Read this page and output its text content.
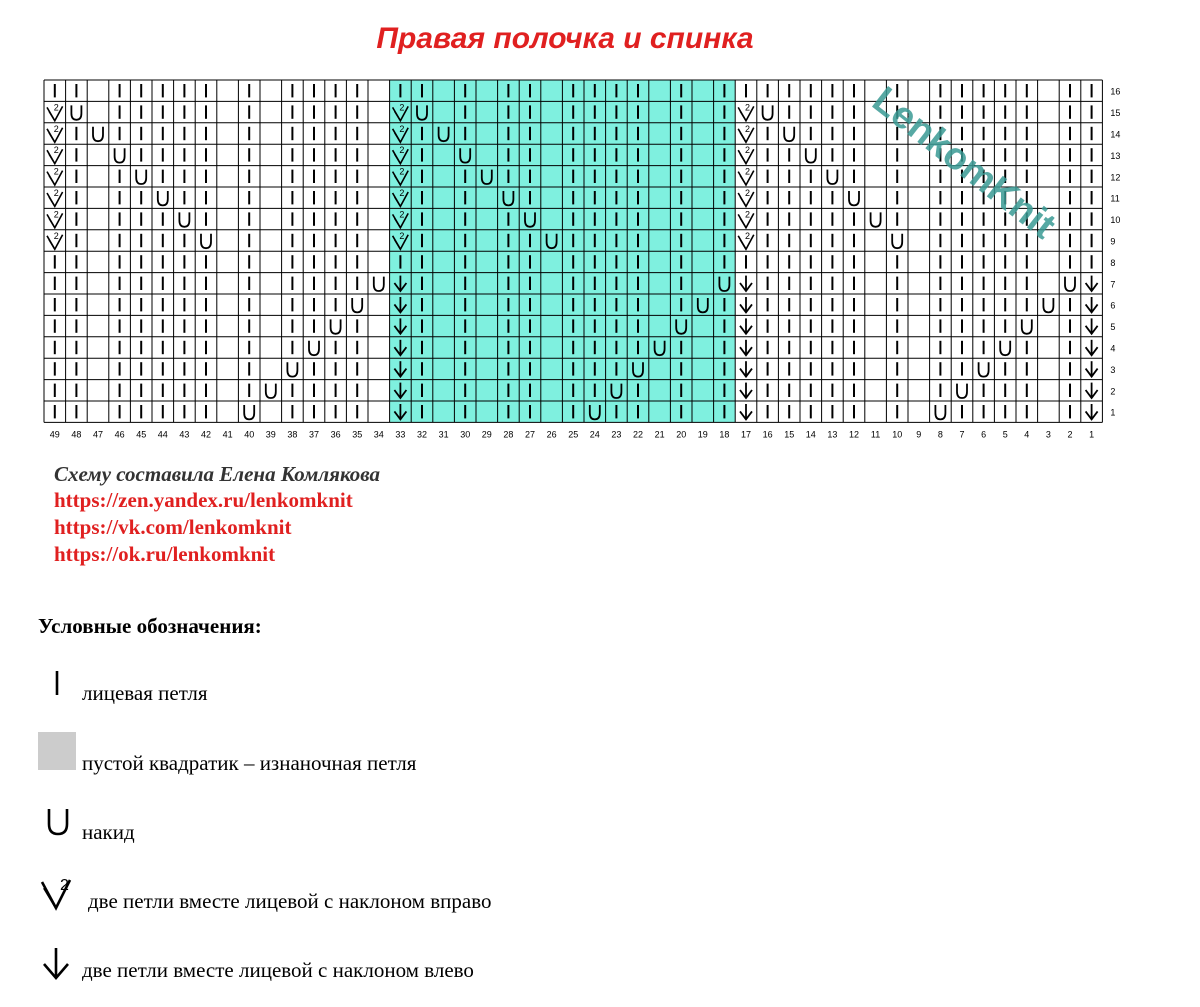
Правая полочка и спинка
49 48 47 46 45 44 43 42 41 40 39 38 37 36 35 34 33 32 31 30 29 28 27 26 25 24 23 22 21 20 19 18 17 16 15 14 13 12 11 10 9 8 7 6 5 4 3 2 1
16
15
14
13
12
11
10
9
8
7
6
5
4
3
2
1
2
2
2
2
2
2
2
2
2
2
2
2
2
2
2
2
2
2
2
2
2	LenkomKnit
Схему составила Елена Комлякова
https://zen.yandex.ru/lenkomknit
https://vk.com/lenkomknit
https://ok.ru/lenkomknit
Условные обозначения:
лицевая петля
пустой квадратик – изнаночная петля
накид
2
две петли вместе лицевой с наклоном вправо
две петли вместе лицевой с наклоном влево
